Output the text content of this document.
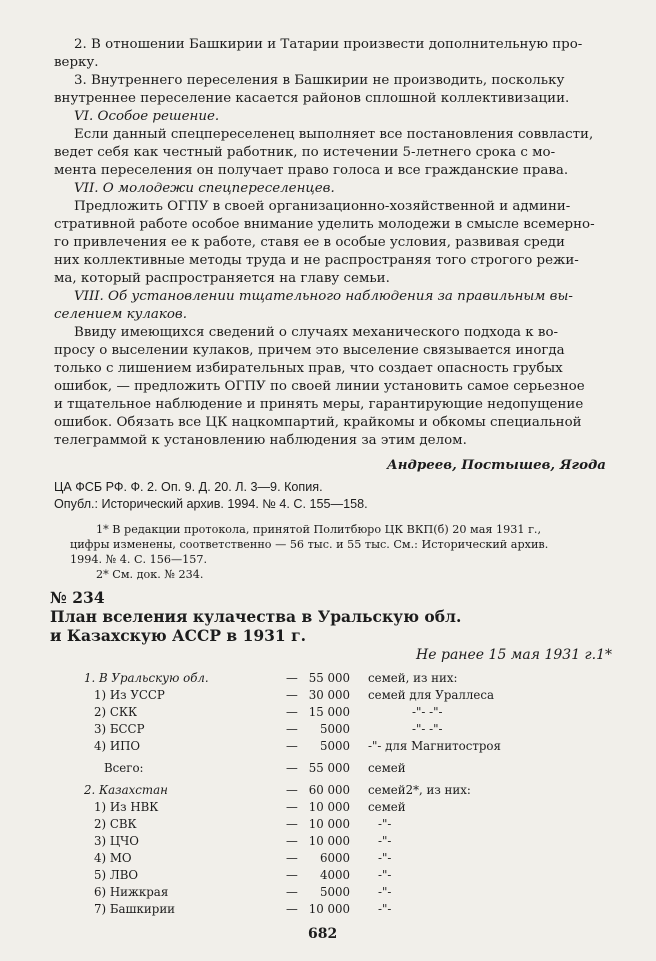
2. В отношении Башкирии и Татарии произвести дополнительную про-
верку.
3. Внутреннего переселения в Башкирии не производить, поскольку
внутреннее переселение касается районов сплошной коллективизации.
VI. Особое решение.
Если данный спецпереселенец выполняет все постановления соввласти,
ведет себя как честный работник, по истечении 5-летнего срока с мо-
мента переселения он получает право голоса и все гражданские права.
VII. О молодежи спецпереселенцев.
Предложить ОГПУ в своей организационно-хозяйственной и админи-
стративной работе особое внимание уделить молодежи в смысле всемерно-
го привлечения ее к работе, ставя ее в особые условия, развивая среди
них коллективные методы труда и не распространяя того строгого режи-
ма, который распространяется на главу семьи.
VIII. Об установлении тщательного наблюдения за правильным вы-
селением кулаков.
Ввиду имеющихся сведений о случаях механического подхода к во-
просу о выселении кулаков, причем это выселение связывается иногда
только с лишением избирательных прав, что создает опасность грубых
ошибок, — предложить ОГПУ по своей линии установить самое серьезное
и тщательное наблюдение и принять меры, гарантирующие недопущение
ошибок. Обязать все ЦК нацкомпартий, крайкомы и обкомы специальной
телеграммой к установлению наблюдения за этим делом.
Андреев, Постышев, Ягода
ЦА ФСБ РФ. Ф. 2. Оп. 9. Д. 20. Л. 3—9. Копия.
Опубл.: Исторический архив. 1994. № 4. С. 155—158.
1* В редакции протокола, принятой Политбюро ЦК ВКП(б) 20 мая 1931 г.,
цифры изменены, соответственно — 56 тыс. и 55 тыс. См.: Исторический архив.
1994. № 4. С. 156—157.
2* См. док. № 234.
№ 234
План вселения кулачества в Уральскую обл.
и Казахскую АССР в 1931 г.
Не ранее 15 мая 1931 г.1*
1. В Уральскую обл.	— 55 000 семей, из них:
1) Из УССР	— 30 000 семей для Ураллеса
2) СКК	— 15 000	-"- -"-
3) БССР	—	5000	-"- -"-
4) ИПО	—	5000 -"- для Магнитостроя
Всего:	— 55 000 семей
2. Казахстан	— 60 000 семей2*, из них:
1) Из НВК	— 10 000 семей
2) СВК	— 10 000 -"-
3) ЦЧО	— 10 000 -"-
4) МО	—	6000 -"-
5) ЛВО	—	4000 -"-
6) Нижкрая	—	5000 -"-
7) Башкирии	— 10 000 -"-
682
